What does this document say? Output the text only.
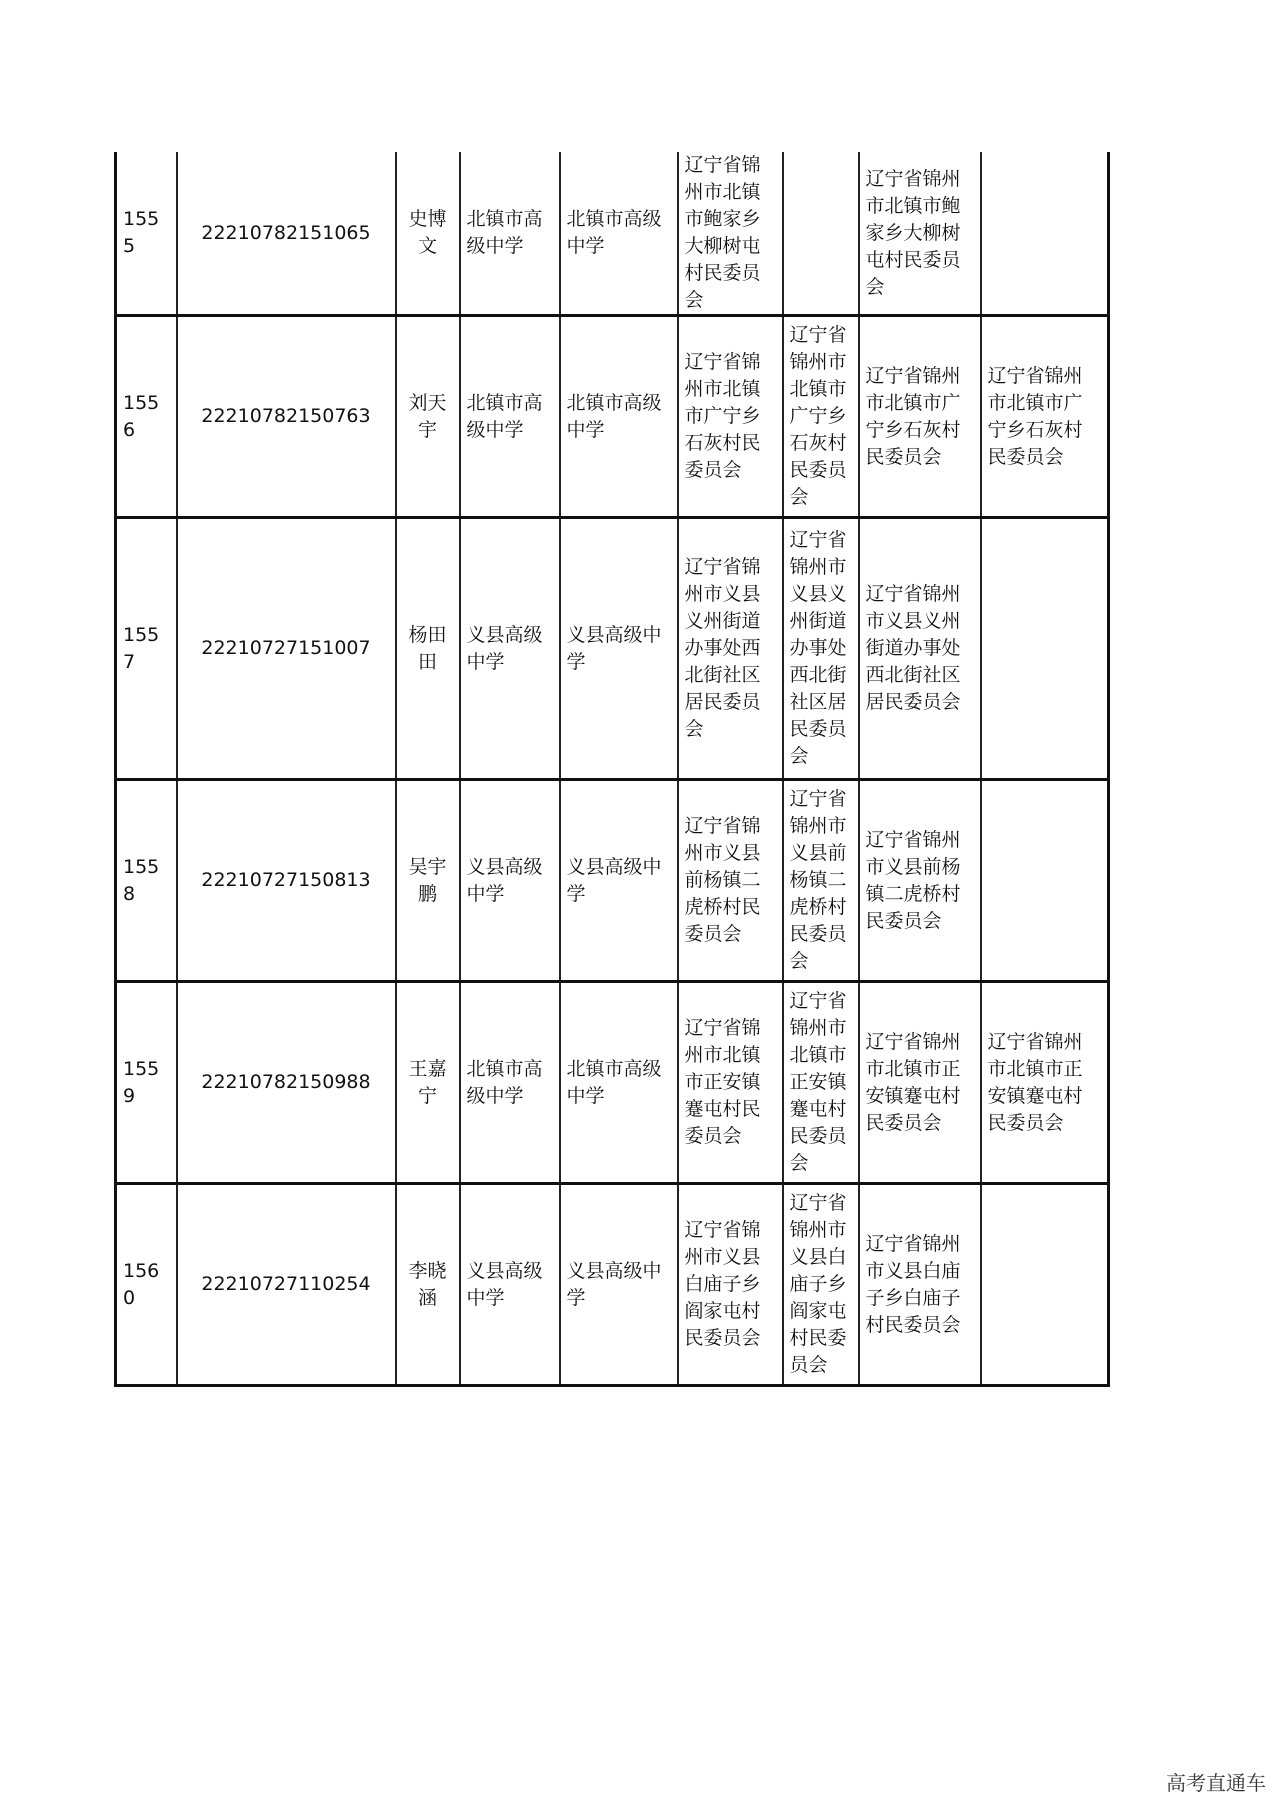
1555	22210782151065	史博文	北镇市高级中学	北镇市高级中学	辽宁省锦州市北镇市鲍家乡大柳树屯村民委员会		辽宁省锦州市北镇市鲍家乡大柳树屯村民委员会	
1556	22210782150763	刘天宇	北镇市高级中学	北镇市高级中学	辽宁省锦州市北镇市广宁乡石灰村民委员会	辽宁省锦州市北镇市广宁乡石灰村民委员会	辽宁省锦州市北镇市广宁乡石灰村民委员会	辽宁省锦州市北镇市广宁乡石灰村民委员会
1557	22210727151007	杨田田	义县高级中学	义县高级中学	辽宁省锦州市义县义州街道办事处西北街社区居民委员会	辽宁省锦州市义县义州街道办事处西北街社区居民委员会	辽宁省锦州市义县义州街道办事处西北街社区居民委员会	
1558	22210727150813	吴宇鹏	义县高级中学	义县高级中学	辽宁省锦州市义县前杨镇二虎桥村民委员会	辽宁省锦州市义县前杨镇二虎桥村民委员会	辽宁省锦州市义县前杨镇二虎桥村民委员会	
1559	22210782150988	王嘉宁	北镇市高级中学	北镇市高级中学	辽宁省锦州市北镇市正安镇蹇屯村民委员会	辽宁省锦州市北镇市正安镇蹇屯村民委员会	辽宁省锦州市北镇市正安镇蹇屯村民委员会	辽宁省锦州市北镇市正安镇蹇屯村民委员会
1560	22210727110254	李晓涵	义县高级中学	义县高级中学	辽宁省锦州市义县白庙子乡阎家屯村民委员会	辽宁省锦州市义县白庙子乡阎家屯村民委员会	辽宁省锦州市义县白庙子乡白庙子村民委员会	
高考直通车
